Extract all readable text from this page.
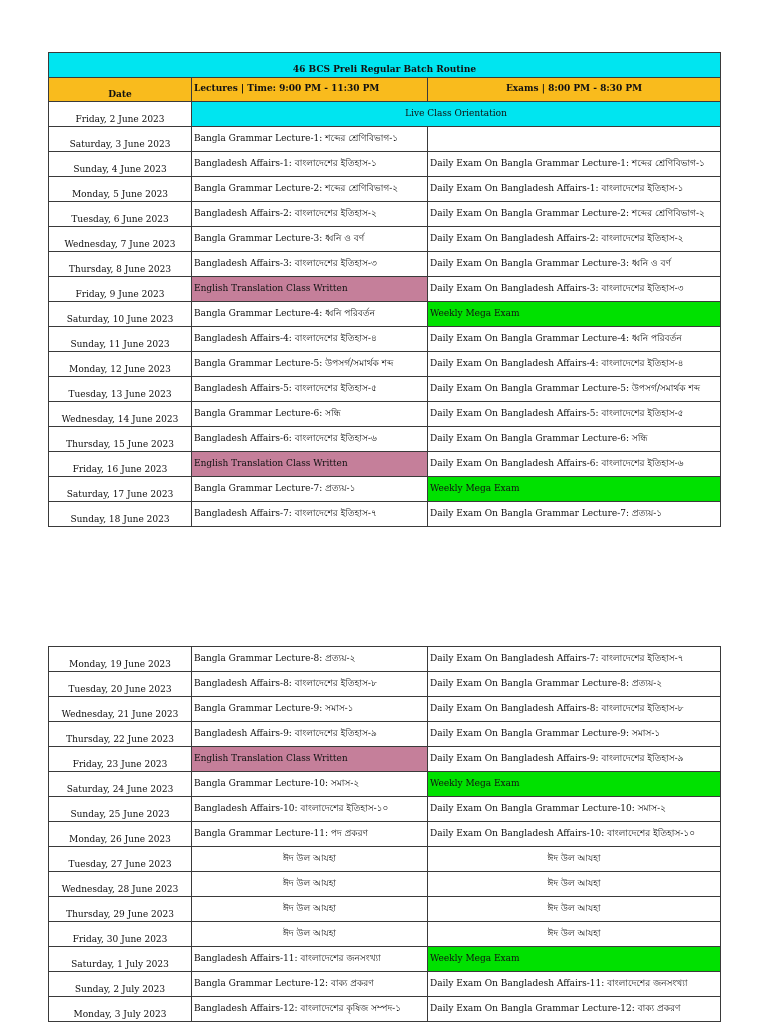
46 BCS Preli Regular Batch Routine		
Date	Lectures | Time: 9:00 PM - 11:30 PM	Exams | 8:00 PM - 8:30 PM
Friday, 2 June 2023	Live Class Orientation	
Saturday, 3 June 2023	Bangla Grammar Lecture-1: শব্দের শ্রেণিবিভাগ-১	
Sunday, 4 June 2023	Bangladesh Affairs-1: বাংলাদেশের ইতিহাস-১	Daily Exam On Bangla Grammar Lecture-1: শব্দের শ্রেণিবিভাগ-১
Monday, 5 June 2023	Bangla Grammar Lecture-2: শব্দের শ্রেণিবিভাগ-২	Daily Exam On Bangladesh Affairs-1: বাংলাদেশের ইতিহাস-১
Tuesday, 6 June 2023	Bangladesh Affairs-2: বাংলাদেশের ইতিহাস-২	Daily Exam On Bangla Grammar Lecture-2: শব্দের শ্রেণিবিভাগ-২
Wednesday, 7 June 2023	Bangla Grammar Lecture-3: ধ্বনি ও বর্ণ	Daily Exam On Bangladesh Affairs-2: বাংলাদেশের ইতিহাস-২
Thursday, 8 June 2023	Bangladesh Affairs-3: বাংলাদেশের ইতিহাস-৩	Daily Exam On Bangla Grammar Lecture-3: ধ্বনি ও বর্ণ
Friday, 9 June 2023	English Translation Class Written	Daily Exam On Bangladesh Affairs-3: বাংলাদেশের ইতিহাস-৩
Saturday, 10 June 2023	Bangla Grammar Lecture-4: ধ্বনি পরিবর্তন	Weekly Mega Exam
Sunday, 11 June 2023	Bangladesh Affairs-4: বাংলাদেশের ইতিহাস-৪	Daily Exam On Bangla Grammar Lecture-4: ধ্বনি পরিবর্তন
Monday, 12 June 2023	Bangla Grammar Lecture-5: উপসর্গ/সমার্থক শব্দ	Daily Exam On Bangladesh Affairs-4: বাংলাদেশের ইতিহাস-৪
Tuesday, 13 June 2023	Bangladesh Affairs-5: বাংলাদেশের ইতিহাস-৫	Daily Exam On Bangla Grammar Lecture-5: উপসর্গ/সমার্থক শব্দ
Wednesday, 14 June 2023	Bangla Grammar Lecture-6: সন্ধি	Daily Exam On Bangladesh Affairs-5: বাংলাদেশের ইতিহাস-৫
Thursday, 15 June 2023	Bangladesh Affairs-6: বাংলাদেশের ইতিহাস-৬	Daily Exam On Bangla Grammar Lecture-6: সন্ধি
Friday, 16 June 2023	English Translation Class Written	Daily Exam On Bangladesh Affairs-6: বাংলাদেশের ইতিহাস-৬
Saturday, 17 June 2023	Bangla Grammar Lecture-7: প্রত্যয়-১	Weekly Mega Exam
Sunday, 18 June 2023	Bangladesh Affairs-7: বাংলাদেশের ইতিহাস-৭	Daily Exam On Bangla Grammar Lecture-7: প্রত্যয়-১
Monday, 19 June 2023	Bangla Grammar Lecture-8: প্রত্যয়-২	Daily Exam On Bangladesh Affairs-7: বাংলাদেশের ইতিহাস-৭
Tuesday, 20 June 2023	Bangladesh Affairs-8: বাংলাদেশের ইতিহাস-৮	Daily Exam On Bangla Grammar Lecture-8: প্রত্যয়-২
Wednesday, 21 June 2023	Bangla Grammar Lecture-9: সমাস-১	Daily Exam On Bangladesh Affairs-8: বাংলাদেশের ইতিহাস-৮
Thursday, 22 June 2023	Bangladesh Affairs-9: বাংলাদেশের ইতিহাস-৯	Daily Exam On Bangla Grammar Lecture-9: সমাস-১
Friday, 23 June 2023	English Translation Class Written	Daily Exam On Bangladesh Affairs-9: বাংলাদেশের ইতিহাস-৯
Saturday, 24 June 2023	Bangla Grammar Lecture-10: সমাস-২	Weekly Mega Exam
Sunday, 25 June 2023	Bangladesh Affairs-10: বাংলাদেশের ইতিহাস-১০	Daily Exam On Bangla Grammar Lecture-10: সমাস-২
Monday, 26 June 2023	Bangla Grammar Lecture-11: পদ প্রকরণ	Daily Exam On Bangladesh Affairs-10: বাংলাদেশের ইতিহাস-১০
Tuesday, 27 June 2023	ঈদ উল আযহা	ঈদ উল আযহা
Wednesday, 28 June 2023	ঈদ উল আযহা	ঈদ উল আযহা
Thursday, 29 June 2023	ঈদ উল আযহা	ঈদ উল আযহা
Friday, 30 June 2023	ঈদ উল আযহা	ঈদ উল আযহা
Saturday, 1 July 2023	Bangladesh Affairs-11: বাংলাদেশের জনসংখ্যা	Weekly Mega Exam
Sunday, 2 July 2023	Bangla Grammar Lecture-12: বাক্য প্রকরণ	Daily Exam On Bangladesh Affairs-11: বাংলাদেশের জনসংখ্যা
Monday, 3 July 2023	Bangladesh Affairs-12: বাংলাদেশের কৃষিজ সম্পদ-১	Daily Exam On Bangla Grammar Lecture-12: বাক্য প্রকরণ
